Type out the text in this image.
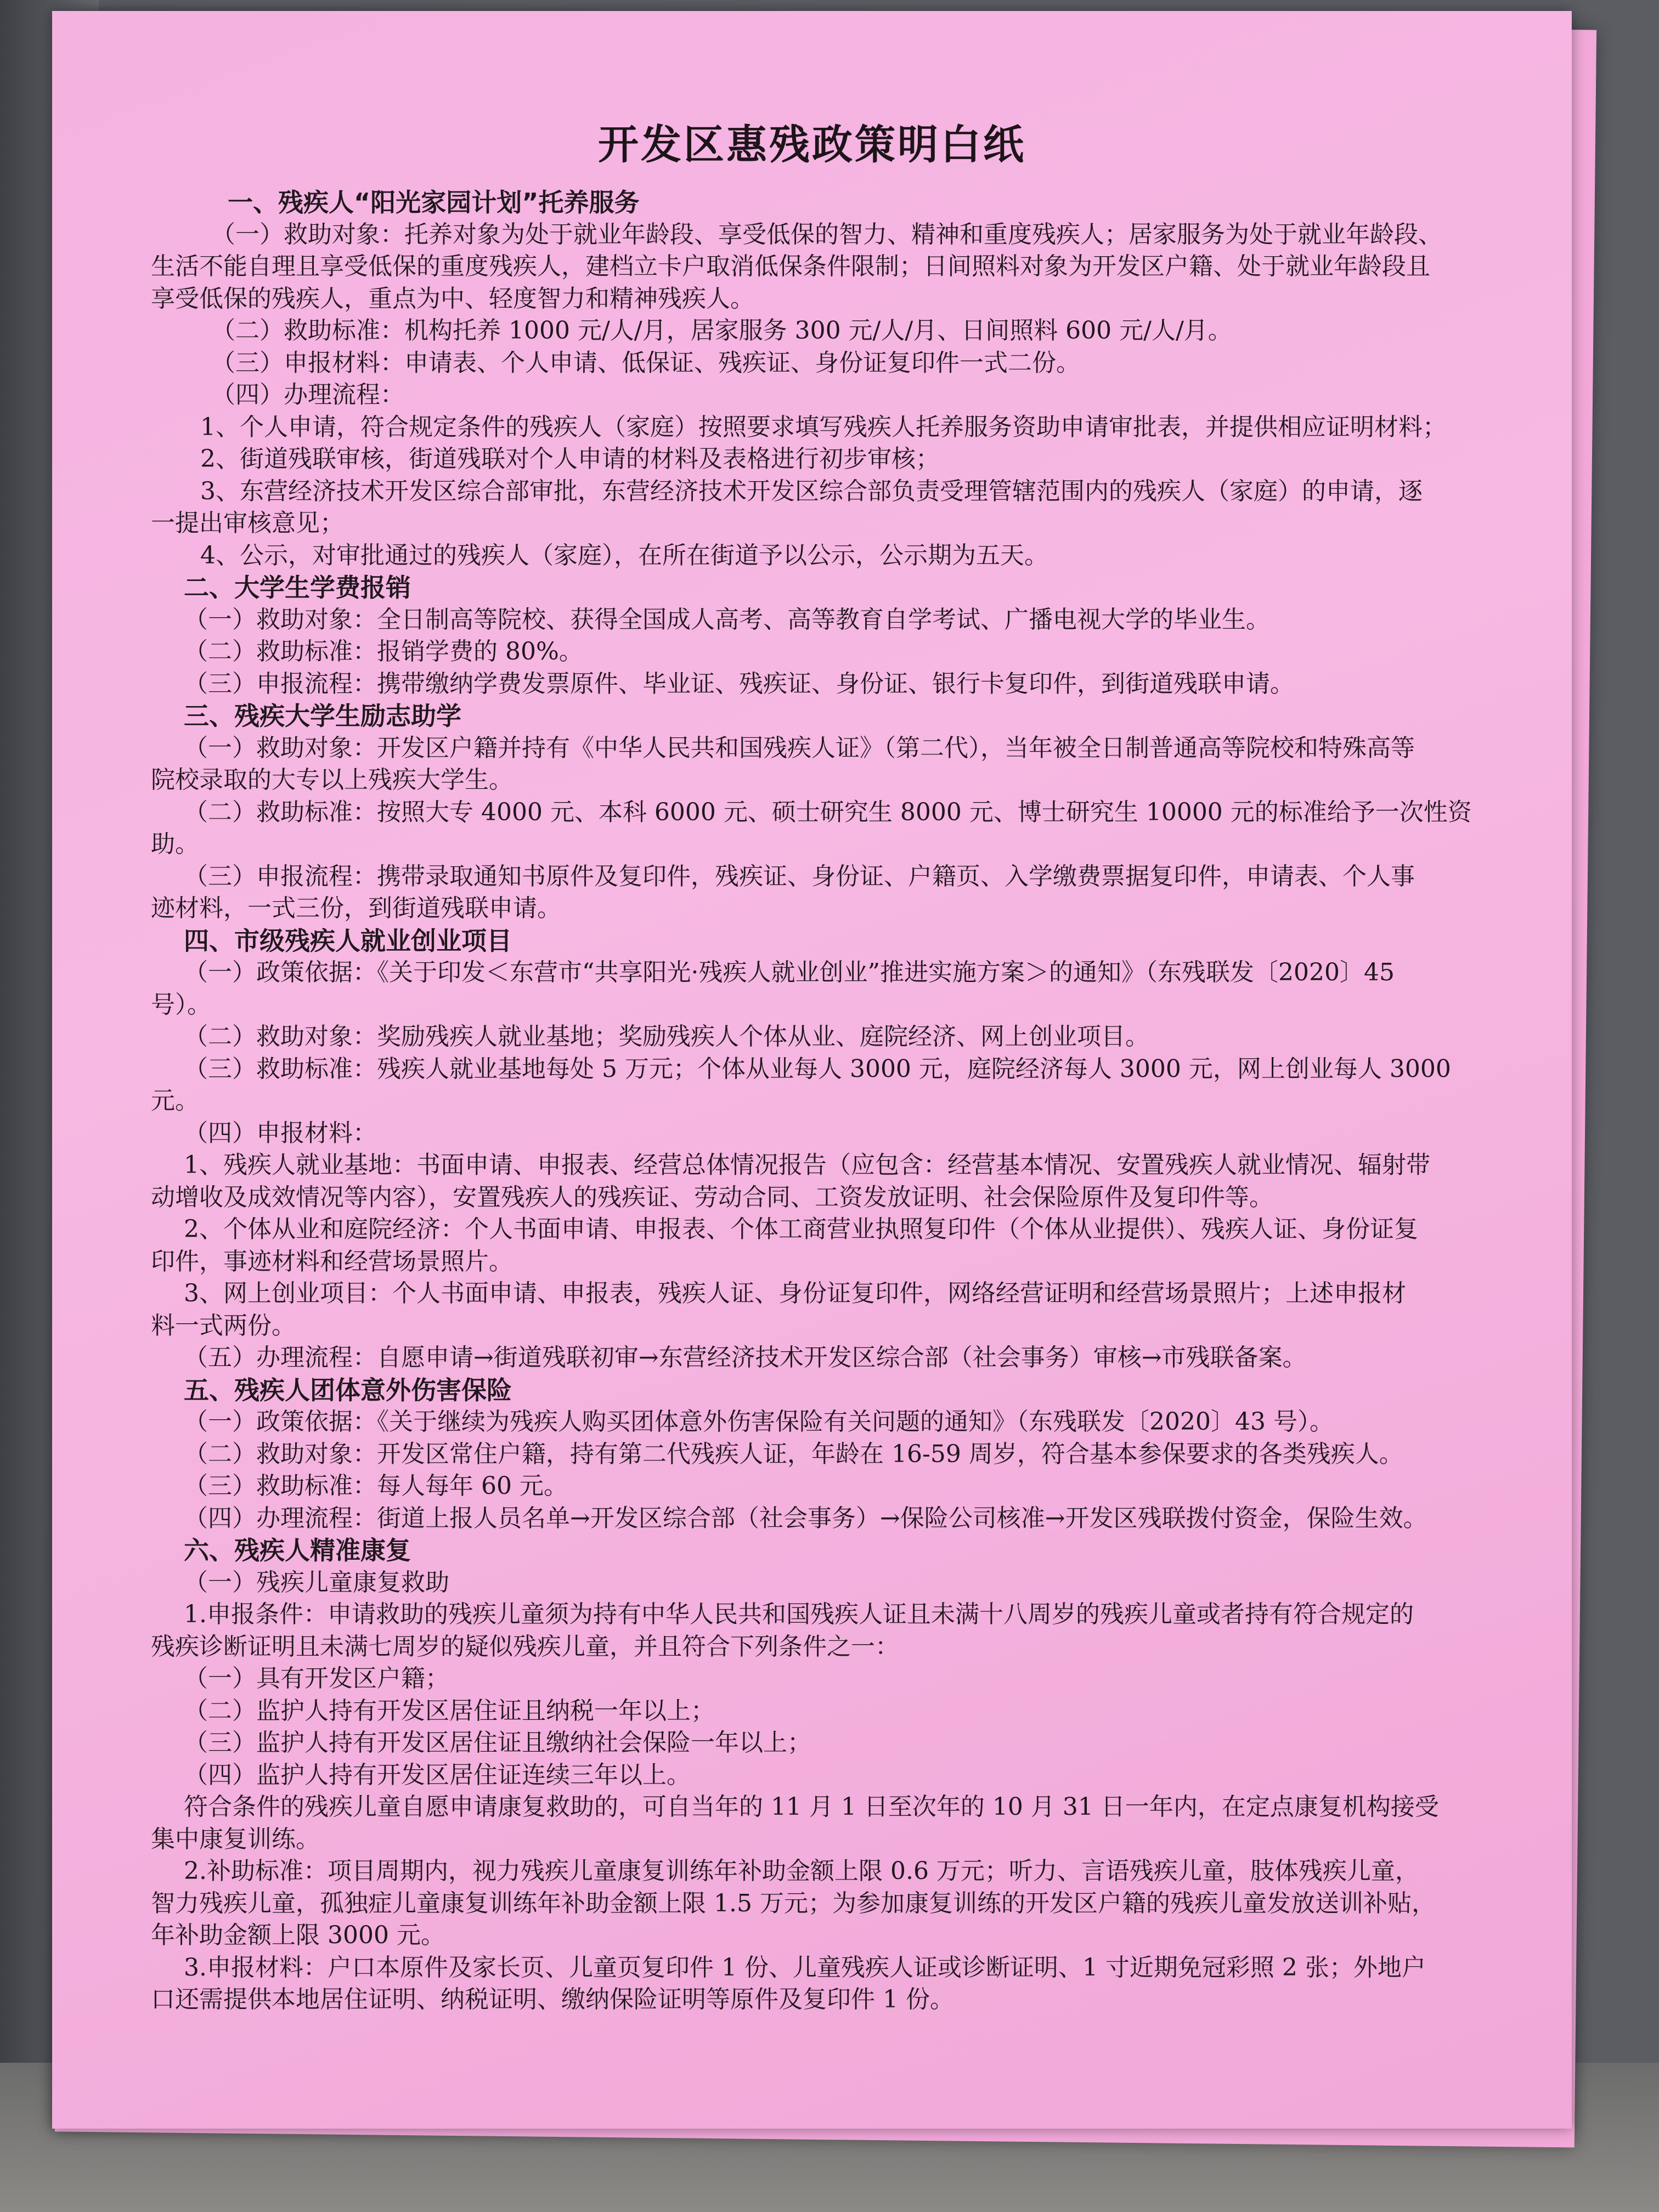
开发区惠残政策明白纸
一、残疾人“阳光家园计划”托养服务
（一）救助对象：托养对象为处于就业年龄段、享受低保的智力、精神和重度残疾人；居家服务为处于就业年龄段、
生活不能自理且享受低保的重度残疾人，建档立卡户取消低保条件限制；日间照料对象为开发区户籍、处于就业年龄段且
享受低保的残疾人，重点为中、轻度智力和精神残疾人。
（二）救助标准：机构托养 1000 元/人/月，居家服务 300 元/人/月、日间照料 600 元/人/月。
（三）申报材料：申请表、个人申请、低保证、残疾证、身份证复印件一式二份。
（四）办理流程：
1、个人申请，符合规定条件的残疾人（家庭）按照要求填写残疾人托养服务资助申请审批表，并提供相应证明材料；
2、街道残联审核，街道残联对个人申请的材料及表格进行初步审核；
3、东营经济技术开发区综合部审批，东营经济技术开发区综合部负责受理管辖范围内的残疾人（家庭）的申请，逐
一提出审核意见；
4、公示，对审批通过的残疾人（家庭），在所在街道予以公示，公示期为五天。
二、大学生学费报销
（一）救助对象：全日制高等院校、获得全国成人高考、高等教育自学考试、广播电视大学的毕业生。
（二）救助标准：报销学费的 80%。
（三）申报流程：携带缴纳学费发票原件、毕业证、残疾证、身份证、银行卡复印件，到街道残联申请。
三、残疾大学生励志助学
（一）救助对象：开发区户籍并持有《中华人民共和国残疾人证》（第二代），当年被全日制普通高等院校和特殊高等
院校录取的大专以上残疾大学生。
（二）救助标准：按照大专 4000 元、本科 6000 元、硕士研究生 8000 元、博士研究生 10000 元的标准给予一次性资
助。
（三）申报流程：携带录取通知书原件及复印件，残疾证、身份证、户籍页、入学缴费票据复印件，申请表、个人事
迹材料，一式三份，到街道残联申请。
四、市级残疾人就业创业项目
（一）政策依据：《关于印发＜东营市“共享阳光·残疾人就业创业”推进实施方案＞的通知》（东残联发〔2020〕45
号）。
（二）救助对象：奖励残疾人就业基地；奖励残疾人个体从业、庭院经济、网上创业项目。
（三）救助标准：残疾人就业基地每处 5 万元；个体从业每人 3000 元，庭院经济每人 3000 元，网上创业每人 3000
元。
（四）申报材料：
1、残疾人就业基地：书面申请、申报表、经营总体情况报告（应包含：经营基本情况、安置残疾人就业情况、辐射带
动增收及成效情况等内容），安置残疾人的残疾证、劳动合同、工资发放证明、社会保险原件及复印件等。
2、个体从业和庭院经济：个人书面申请、申报表、个体工商营业执照复印件（个体从业提供）、残疾人证、身份证复
印件，事迹材料和经营场景照片。
3、网上创业项目：个人书面申请、申报表，残疾人证、身份证复印件，网络经营证明和经营场景照片；上述申报材
料一式两份。
（五）办理流程：自愿申请→街道残联初审→东营经济技术开发区综合部（社会事务）审核→市残联备案。
五、残疾人团体意外伤害保险
（一）政策依据：《关于继续为残疾人购买团体意外伤害保险有关问题的通知》（东残联发〔2020〕43 号）。
（二）救助对象：开发区常住户籍，持有第二代残疾人证，年龄在 16-59 周岁，符合基本参保要求的各类残疾人。
（三）救助标准：每人每年 60 元。
（四）办理流程：街道上报人员名单→开发区综合部（社会事务）→保险公司核准→开发区残联拨付资金，保险生效。
六、残疾人精准康复
（一）残疾儿童康复救助
1.申报条件：申请救助的残疾儿童须为持有中华人民共和国残疾人证且未满十八周岁的残疾儿童或者持有符合规定的
残疾诊断证明且未满七周岁的疑似残疾儿童，并且符合下列条件之一：
（一）具有开发区户籍；
（二）监护人持有开发区居住证且纳税一年以上；
（三）监护人持有开发区居住证且缴纳社会保险一年以上；
（四）监护人持有开发区居住证连续三年以上。
符合条件的残疾儿童自愿申请康复救助的，可自当年的 11 月 1 日至次年的 10 月 31 日一年内，在定点康复机构接受
集中康复训练。
2.补助标准：项目周期内，视力残疾儿童康复训练年补助金额上限 0.6 万元；听力、言语残疾儿童，肢体残疾儿童，
智力残疾儿童，孤独症儿童康复训练年补助金额上限 1.5 万元；为参加康复训练的开发区户籍的残疾儿童发放送训补贴，
年补助金额上限 3000 元。
3.申报材料：户口本原件及家长页、儿童页复印件 1 份、儿童残疾人证或诊断证明、1 寸近期免冠彩照 2 张；外地户
口还需提供本地居住证明、纳税证明、缴纳保险证明等原件及复印件 1 份。
